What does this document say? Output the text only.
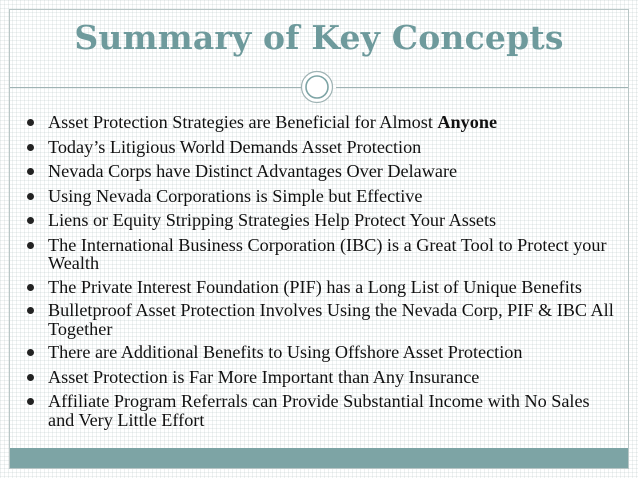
Summary of Key Concepts
Asset Protection Strategies are Beneficial for Almost Anyone
Today’s Litigious World Demands Asset Protection
Nevada Corps have Distinct Advantages Over Delaware
Using Nevada Corporations is Simple but Effective
Liens or Equity Stripping Strategies Help Protect Your Assets
The International Business Corporation (IBC) is a Great Tool to Protect your Wealth
The Private Interest Foundation (PIF) has a Long List of Unique Benefits
Bulletproof Asset Protection Involves Using the Nevada Corp, PIF & IBC All Together
There are Additional Benefits to Using Offshore Asset Protection
Asset Protection is Far More Important than Any Insurance
Affiliate Program Referrals can Provide Substantial Income with No Sales and Very Little Effort
